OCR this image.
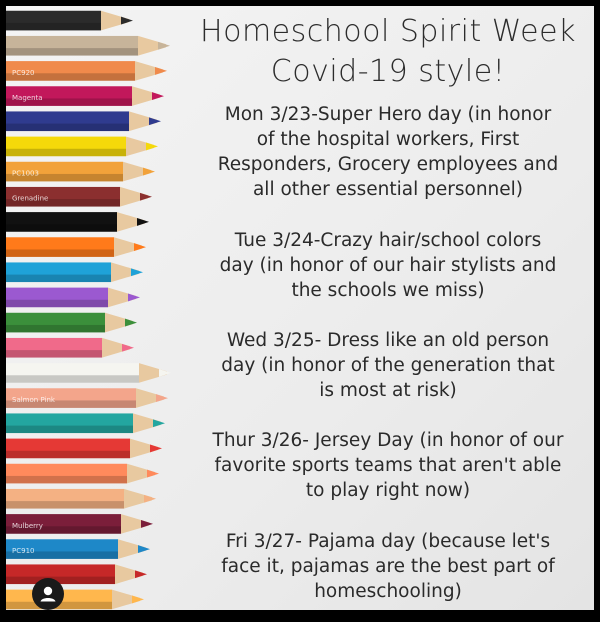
PC920
Magenta
PC1003
Grenadine
Salmon Pink
Mulberry
PC910
Homeschool Spirit Week
Covid-19 style!
Mon 3/23-Super Hero day (in honor
of the hospital workers, First
Responders, Grocery employees and
all other essential personnel)
Tue 3/24-Crazy hair/school colors
day (in honor of our hair stylists and
the schools we miss)
Wed 3/25- Dress like an old person
day (in honor of the generation that
is most at risk)
Thur 3/26- Jersey Day (in honor of our
favorite sports teams that aren't able
to play right now)
Fri 3/27- Pajama day (because let's
face it, pajamas are the best part of
homeschooling)
